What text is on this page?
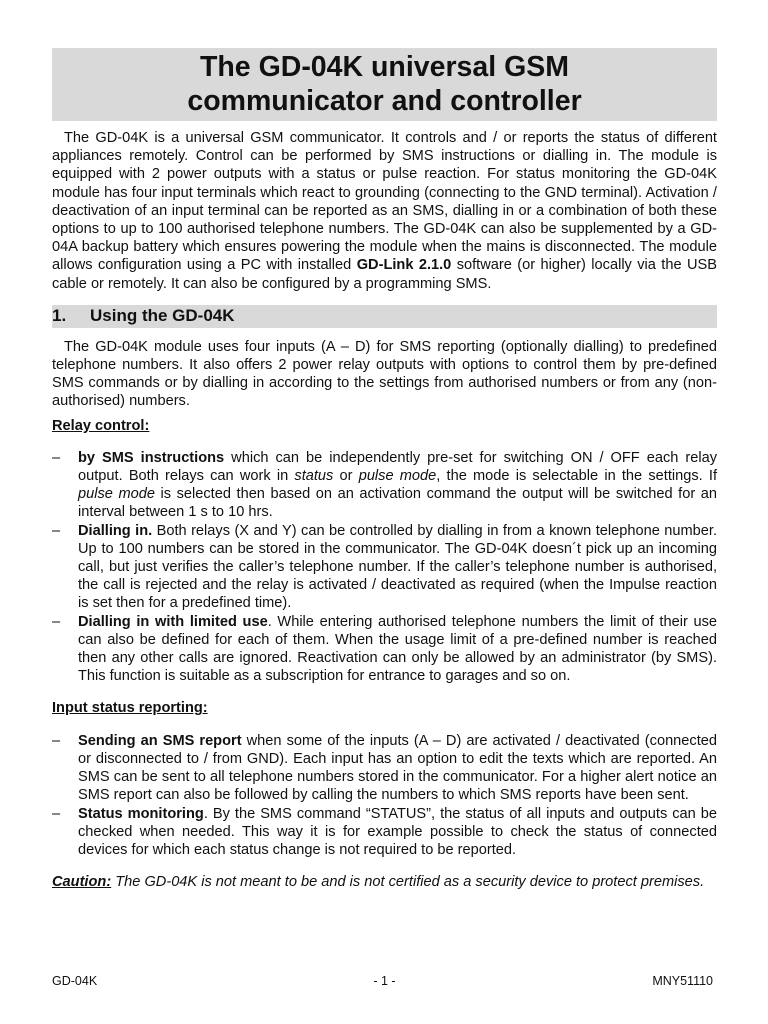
The GD-04K universal GSM
communicator and controller

The GD-04K is a universal GSM communicator. It controls and / or reports the status of different appliances remotely. Control can be performed by SMS instructions or dialling in. The module is equipped with 2 power outputs with a status or pulse reaction. For status monitoring the GD-04K module has four input terminals which react to grounding (connecting to the GND terminal). Activation / deactivation of an input terminal can be reported as an SMS, dialling in or a combination of both these options to up to 100 authorised telephone numbers. The GD-04K can also be supplemented by a GD-04A backup battery which ensures powering the module when the mains is disconnected. The module allows configuration using a PC with installed GD-Link 2.1.0 software (or higher) locally via the USB cable or remotely. It can also be configured by a programming SMS.

1. Using the GD-04K

The GD-04K module uses four inputs (A – D) for SMS reporting (optionally dialling) to predefined telephone numbers. It also offers 2 power relay outputs with options to control them by pre-defined SMS commands or by dialling in according to the settings from authorised numbers or from any (non-authorised) numbers.

Relay control:
– by SMS instructions which can be independently pre-set for switching ON / OFF each relay output. Both relays can work in status or pulse mode, the mode is selectable in the settings. If pulse mode is selected then based on an activation command the output will be switched for an interval between 1 s to 10 hrs.
– Dialling in. Both relays (X and Y) can be controlled by dialling in from a known telephone number. Up to 100 numbers can be stored in the communicator. The GD-04K doesn´t pick up an incoming call, but just verifies the caller’s telephone number. If the caller’s telephone number is authorised, the call is rejected and the relay is activated / deactivated as required (when the Impulse reaction is set then for a predefined time).
– Dialling in with limited use. While entering authorised telephone numbers the limit of their use can also be defined for each of them. When the usage limit of a pre-defined number is reached then any other calls are ignored. Reactivation can only be allowed by an administrator (by SMS). This function is suitable as a subscription for entrance to garages and so on.
Input status reporting:
– Sending an SMS report when some of the inputs (A – D) are activated / deactivated (connected or disconnected to / from GND). Each input has an option to edit the texts which are reported. An SMS can be sent to all telephone numbers stored in the communicator. For a higher alert notice an SMS report can also be followed by calling the numbers to which SMS reports have been sent.
– Status monitoring. By the SMS command “STATUS”, the status of all inputs and outputs can be checked when needed. This way it is for example possible to check the status of connected devices for which each status change is not required to be reported.

Caution: The GD-04K is not meant to be and is not certified as a security device to protect premises.

GD-04K	- 1 -	MNY51110
